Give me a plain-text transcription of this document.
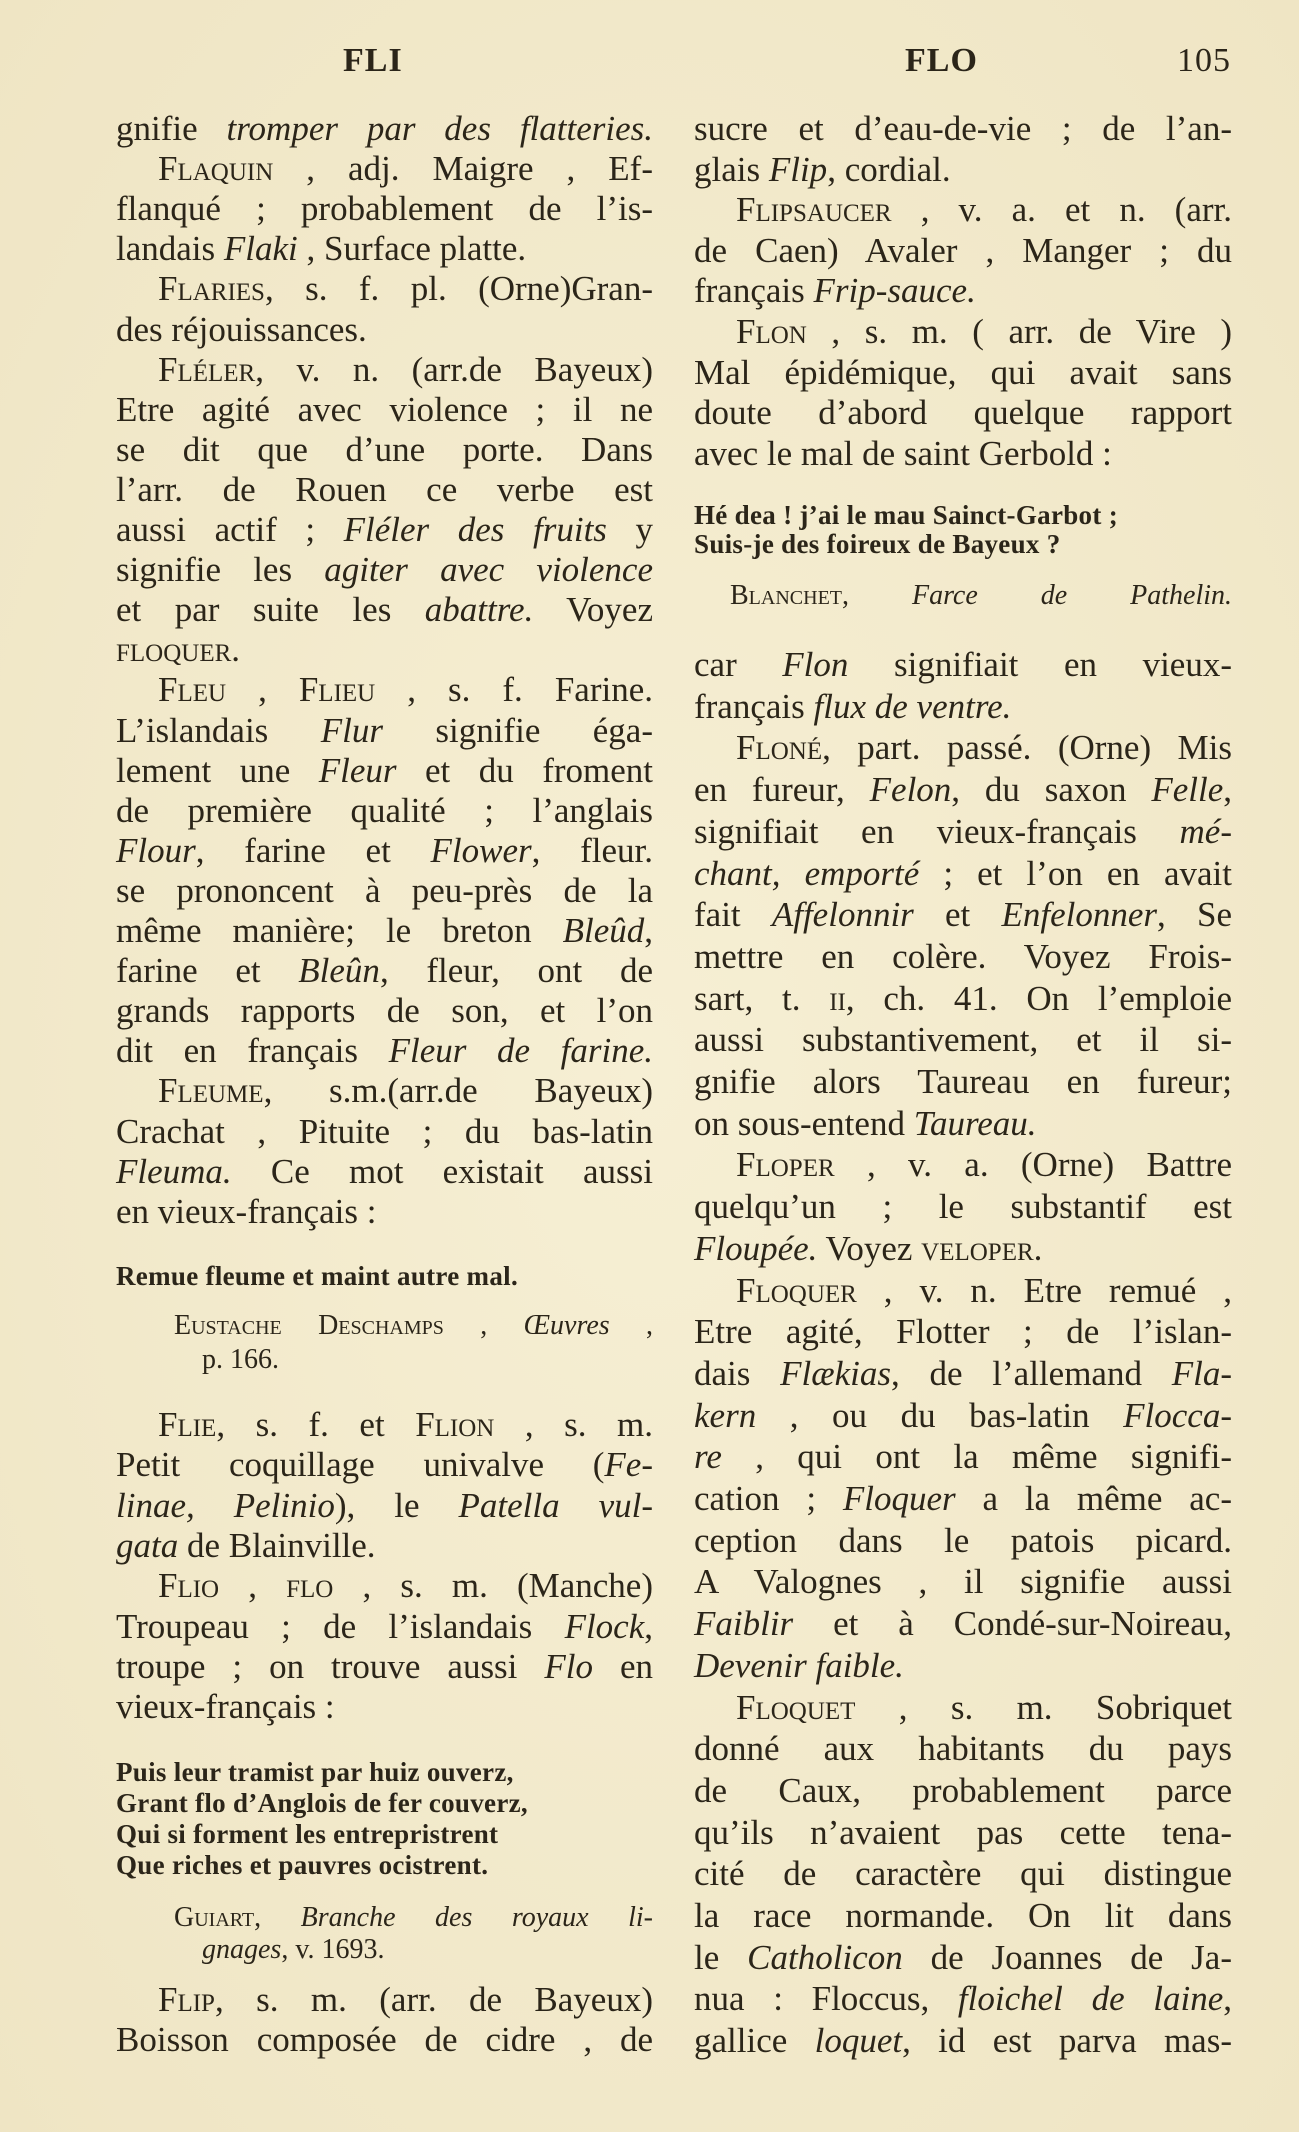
FLI	FLO	105
gnifie tromper par des flatteries.
Flaquin , adj. Maigre , Ef-
flanqué ; probablement de l’is-
landais Flaki , Surface platte.
Flaries, s. f. pl. (Orne)Gran-
des réjouissances.
Fléler, v. n. (arr.de Bayeux)
Etre agité avec violence ; il ne
se dit que d’une porte. Dans
l’arr. de Rouen ce verbe est
aussi actif ; Fléler des fruits y
signifie les agiter avec violence
et par suite les abattre. Voyez
floquer.
Fleu , Flieu , s. f. Farine.
L’islandais Flur signifie éga-
lement une Fleur et du froment
de première qualité ; l’anglais
Flour, farine et Flower, fleur.
se prononcent à peu-près de la
même manière; le breton Bleûd,
farine et Bleûn, fleur, ont de
grands rapports de son, et l’on
dit en français Fleur de farine.
Fleume, s.m.(arr.de Bayeux)
Crachat , Pituite ; du bas-latin
Fleuma. Ce mot existait aussi
en vieux-français :
Remue fleume et maint autre mal.
Eustache Deschamps , Œuvres ,
p. 166.
Flie, s. f. et Flion , s. m.
Petit coquillage univalve (Fe-
linae, Pelinio), le Patella vul-
gata de Blainville.
Flio , flo , s. m. (Manche)
Troupeau ; de l’islandais Flock,
troupe ; on trouve aussi Flo en
vieux-français :
Puis leur tramist par huiz ouverz,
Grant flo d’Anglois de fer couverz,
Qui si forment les entrepristrent
Que riches et pauvres ocistrent.
Guiart, Branche des royaux li-
gnages, v. 1693.
Flip, s. m. (arr. de Bayeux)
Boisson composée de cidre , de
sucre et d’eau-de-vie ; de l’an-
glais Flip, cordial.
Flipsaucer , v. a. et n. (arr.
de Caen) Avaler , Manger ; du
français Frip-sauce.
Flon , s. m. ( arr. de Vire )
Mal épidémique, qui avait sans
doute d’abord quelque rapport
avec le mal de saint Gerbold :
Hé dea ! j’ai le mau Sainct-Garbot ;
Suis-je des foireux de Bayeux ?
Blanchet, Farce de Pathelin.
car Flon signifiait en vieux-
français flux de ventre.
Floné, part. passé. (Orne) Mis
en fureur, Felon, du saxon Felle,
signifiait en vieux-français mé-
chant, emporté ; et l’on en avait
fait Affelonnir et Enfelonner, Se
mettre en colère. Voyez Frois-
sart, t. ii, ch. 41. On l’emploie
aussi substantivement, et il si-
gnifie alors Taureau en fureur;
on sous-entend Taureau.
Floper , v. a. (Orne) Battre
quelqu’un ; le substantif est
Floupée. Voyez veloper.
Floquer , v. n. Etre remué ,
Etre agité, Flotter ; de l’islan-
dais Flækias, de l’allemand Fla-
kern , ou du bas-latin Flocca-
re , qui ont la même signifi-
cation ; Floquer a la même ac-
ception dans le patois picard.
A Valognes , il signifie aussi
Faiblir et à Condé-sur-Noireau,
Devenir faible.
Floquet , s. m. Sobriquet
donné aux habitants du pays
de Caux, probablement parce
qu’ils n’avaient pas cette tena-
cité de caractère qui distingue
la race normande. On lit dans
le Catholicon de Joannes de Ja-
nua : Floccus, floichel de laine,
gallice loquet, id est parva mas-
